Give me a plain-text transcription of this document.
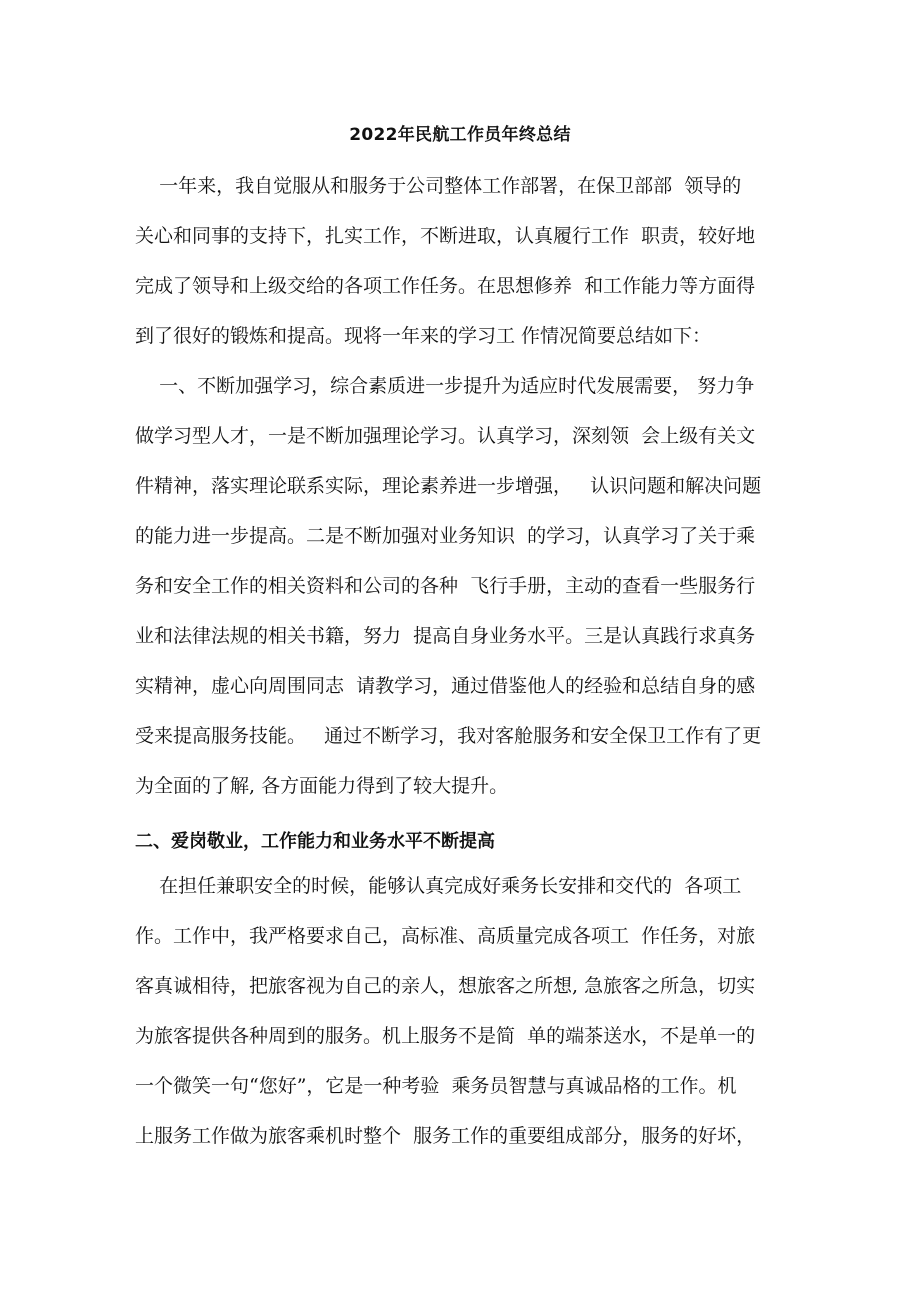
2022年民航工作员年终总结
一年来，我自觉服从和服务于公司整体工作部署，在保卫部部  领导的
关心和同事的支持下，扎实工作，不断进取，认真履行工作  职责，较好地
完成了领导和上级交给的各项工作任务。在思想修养  和工作能力等方面得
到了很好的锻炼和提高。现将一年来的学习工 作情况简要总结如下：
一、不断加强学习，综合素质进一步提升为适应时代发展需要， 努力争
做学习型人才，一是不断加强理论学习。认真学习，深刻领  会上级有关文
件精神，落实理论联系实际，理论素养进一步增强，   认识问题和解决问题
的能力进一步提高。二是不断加强对业务知识  的学习，认真学习了关于乘
务和安全工作的相关资料和公司的各种  飞行手册，主动的查看一些服务行
业和法律法规的相关书籍，努力  提高自身业务水平。三是认真践行求真务
实精神，虚心向周围同志  请教学习，通过借鉴他人的经验和总结自身的感
受来提高服务技能。   通过不断学习，我对客舱服务和安全保卫工作有了更
为全面的了解, 各方面能力得到了较大提升。
二、爱岗敬业，工作能力和业务水平不断提高
在担任兼职安全的时候，能够认真完成好乘务长安排和交代的  各项工
作。工作中，我严格要求自己，高标准、高质量完成各项工  作任务，对旅
客真诚相待，把旅客视为自己的亲人，想旅客之所想, 急旅客之所急，切实
为旅客提供各种周到的服务。机上服务不是简  单的端茶送水，不是单一的
一个微笑一句“您好”，它是一种考验  乘务员智慧与真诚品格的工作。机
上服务工作做为旅客乘机时整个  服务工作的重要组成部分，服务的好坏，
